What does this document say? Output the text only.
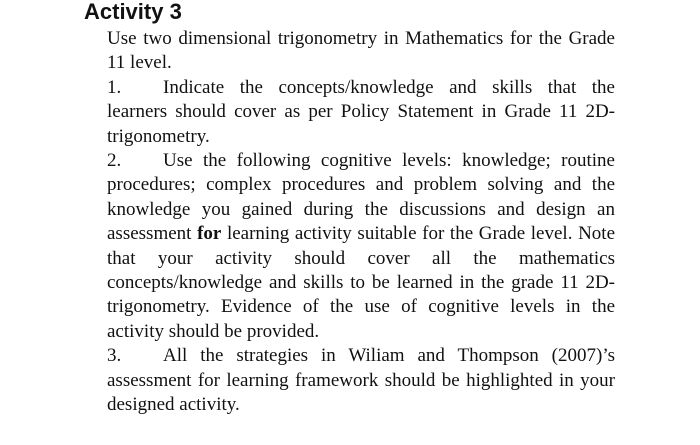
Activity 3

Use two dimensional trigonometry in Mathematics for the Grade 11 level.

1. Indicate the concepts/knowledge and skills that the learners should cover as per Policy Statement in Grade 11 2D-trigonometry.

2. Use the following cognitive levels: knowledge; routine procedures; complex procedures and problem solving and the knowledge you gained during the discussions and design an assessment for learning activity suitable for the Grade level. Note that your activity should cover all the mathematics concepts/knowledge and skills to be learned in the grade 11 2D-trigonometry. Evidence of the use of cognitive levels in the activity should be provided.

3. All the strategies in Wiliam and Thompson (2007)’s assessment for learning framework should be highlighted in your designed activity.
